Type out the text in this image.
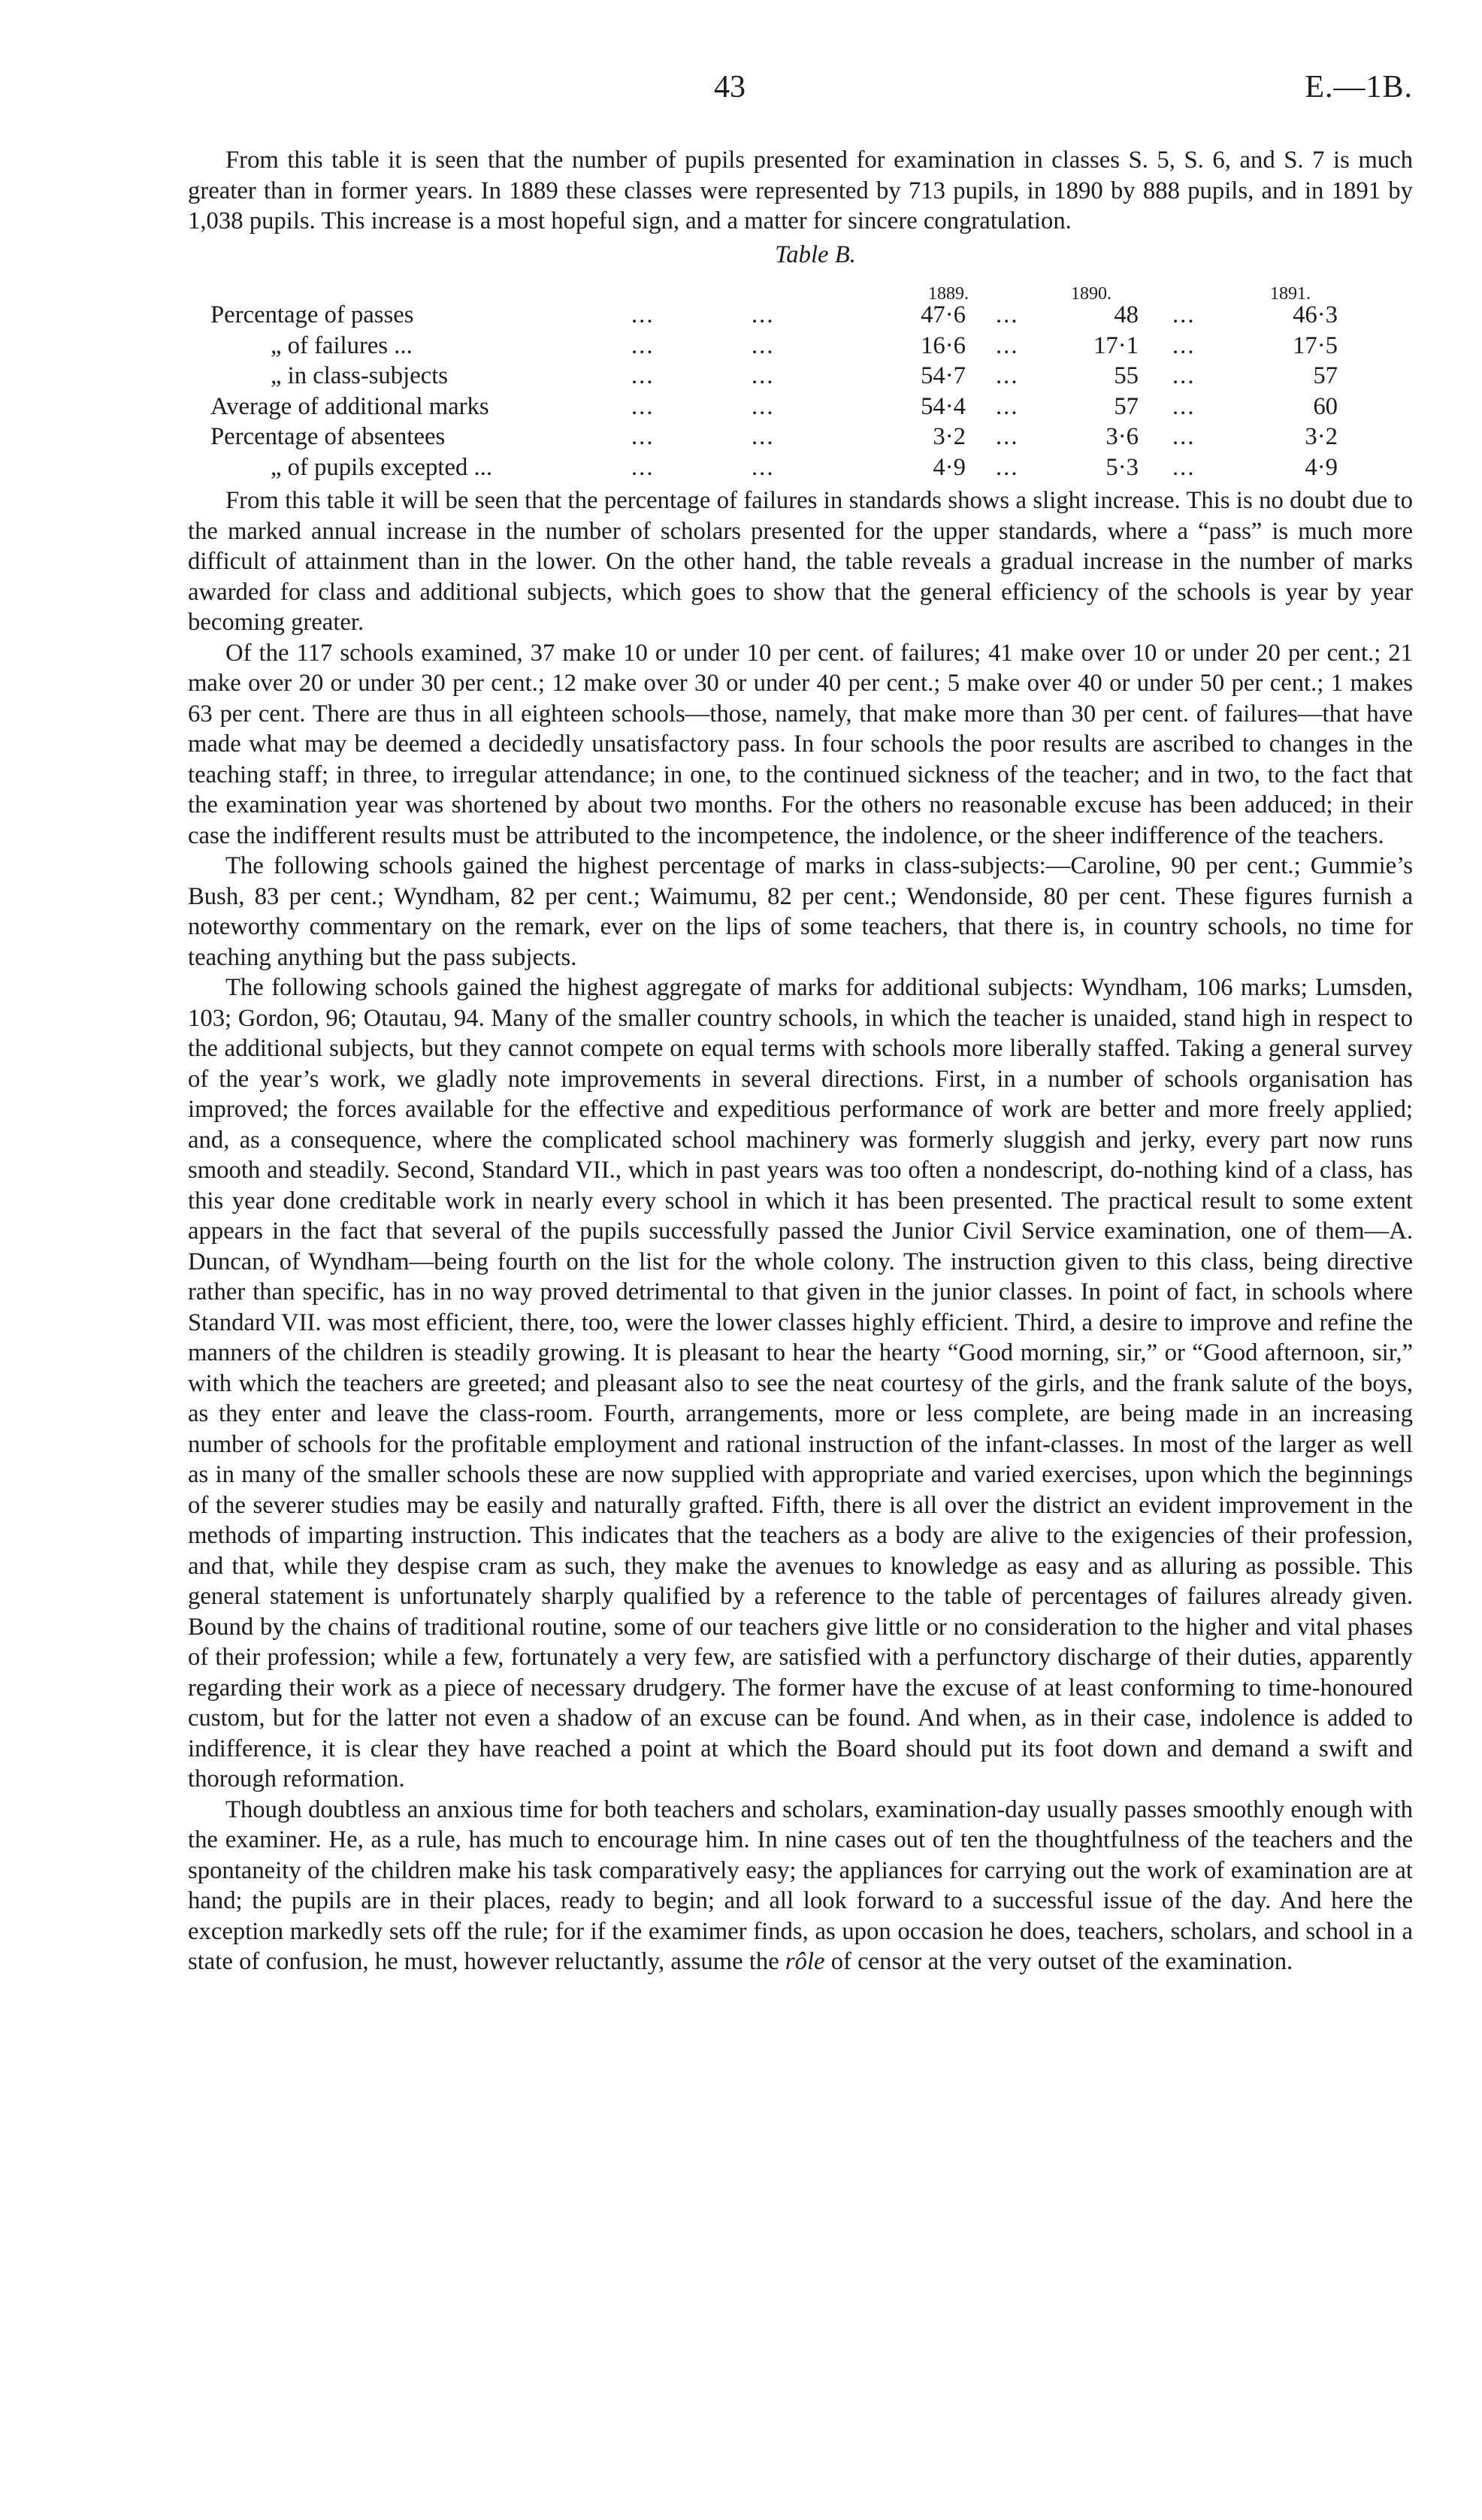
43	E.—1B.

From this table it is seen that the number of pupils presented for examination in classes S. 5, S. 6, and S. 7 is much greater than in former years. In 1889 these classes were represented by 713 pupils, in 1890 by 888 pupils, and in 1891 by 1,038 pupils. This increase is a most hopeful sign, and a matter for sincere congratulation.

Table B.
1889.	1890.	1891.
Percentage of passes	...	...	47·6 ...	48 ...	46·3
„ of failures ...	...	...	16·6 ...	17·1 ...	17·5
„ in class-subjects	...	...	54·7 ...	55 ...	57
Average of additional marks	...	...	54·4 ...	57 ...	60
Percentage of absentees	...	...	3·2 ...	3·6 ...	3·2
„ of pupils excepted ...	...	...	4·9 ...	5·3 ...	4·9

From this table it will be seen that the percentage of failures in standards shows a slight increase. This is no doubt due to the marked annual increase in the number of scholars presented for the upper standards, where a “pass” is much more difficult of attainment than in the lower. On the other hand, the table reveals a gradual increase in the number of marks awarded for class and additional subjects, which goes to show that the general efficiency of the schools is year by year becoming greater.

Of the 117 schools examined, 37 make 10 or under 10 per cent. of failures; 41 make over 10 or under 20 per cent.; 21 make over 20 or under 30 per cent.; 12 make over 30 or under 40 per cent.; 5 make over 40 or under 50 per cent.; 1 makes 63 per cent. There are thus in all eighteen schools—those, namely, that make more than 30 per cent. of failures—that have made what may be deemed a decidedly unsatisfactory pass. In four schools the poor results are ascribed to changes in the teaching staff; in three, to irregular attendance; in one, to the continued sickness of the teacher; and in two, to the fact that the examination year was shortened by about two months. For the others no reasonable excuse has been adduced; in their case the indifferent results must be attributed to the incompetence, the indolence, or the sheer indifference of the teachers.

The following schools gained the highest percentage of marks in class-subjects:—Caroline, 90 per cent.; Gummie’s Bush, 83 per cent.; Wyndham, 82 per cent.; Waimumu, 82 per cent.; Wendonside, 80 per cent. These figures furnish a noteworthy commentary on the remark, ever on the lips of some teachers, that there is, in country schools, no time for teaching anything but the pass subjects.

The following schools gained the highest aggregate of marks for additional subjects: Wyndham, 106 marks; Lumsden, 103; Gordon, 96; Otautau, 94. Many of the smaller country schools, in which the teacher is unaided, stand high in respect to the additional subjects, but they cannot compete on equal terms with schools more liberally staffed. Taking a general survey of the year’s work, we gladly note improvements in several directions. First, in a number of schools organisation has improved; the forces available for the effective and expeditious performance of work are better and more freely applied; and, as a consequence, where the complicated school machinery was formerly sluggish and jerky, every part now runs smooth and steadily. Second, Standard VII., which in past years was too often a nondescript, do-nothing kind of a class, has this year done creditable work in nearly every school in which it has been presented. The practical result to some extent appears in the fact that several of the pupils successfully passed the Junior Civil Service examination, one of them—A. Duncan, of Wyndham—being fourth on the list for the whole colony. The instruction given to this class, being directive rather than specific, has in no way proved detrimental to that given in the junior classes. In point of fact, in schools where Standard VII. was most efficient, there, too, were the lower classes highly efficient. Third, a desire to improve and refine the manners of the children is steadily growing. It is pleasant to hear the hearty “Good morning, sir,” or “Good afternoon, sir,” with which the teachers are greeted; and pleasant also to see the neat courtesy of the girls, and the frank salute of the boys, as they enter and leave the class-room. Fourth, arrangements, more or less complete, are being made in an increasing number of schools for the profitable employment and rational instruction of the infant-classes. In most of the larger as well as in many of the smaller schools these are now supplied with appropriate and varied exercises, upon which the beginnings of the severer studies may be easily and naturally grafted. Fifth, there is all over the district an evident improvement in the methods of imparting instruction. This indicates that the teachers as a body are alive to the exigencies of their profession, and that, while they despise cram as such, they make the avenues to knowledge as easy and as alluring as possible. This general statement is unfortunately sharply qualified by a reference to the table of percentages of failures already given. Bound by the chains of traditional routine, some of our teachers give little or no consideration to the higher and vital phases of their profession; while a few, fortunately a very few, are satisfied with a perfunctory discharge of their duties, apparently regarding their work as a piece of necessary drudgery. The former have the excuse of at least conforming to time-honoured custom, but for the latter not even a shadow of an excuse can be found. And when, as in their case, indolence is added to indifference, it is clear they have reached a point at which the Board should put its foot down and demand a swift and thorough reformation.

Though doubtless an anxious time for both teachers and scholars, examination-day usually passes smoothly enough with the examiner. He, as a rule, has much to encourage him. In nine cases out of ten the thoughtfulness of the teachers and the spontaneity of the children make his task comparatively easy; the appliances for carrying out the work of examination are at hand; the pupils are in their places, ready to begin; and all look forward to a successful issue of the day. And here the exception markedly sets off the rule; for if the examimer finds, as upon occasion he does, teachers, scholars, and school in a state of confusion, he must, however reluctantly, assume the rôle of censor at the very outset of the examination.
